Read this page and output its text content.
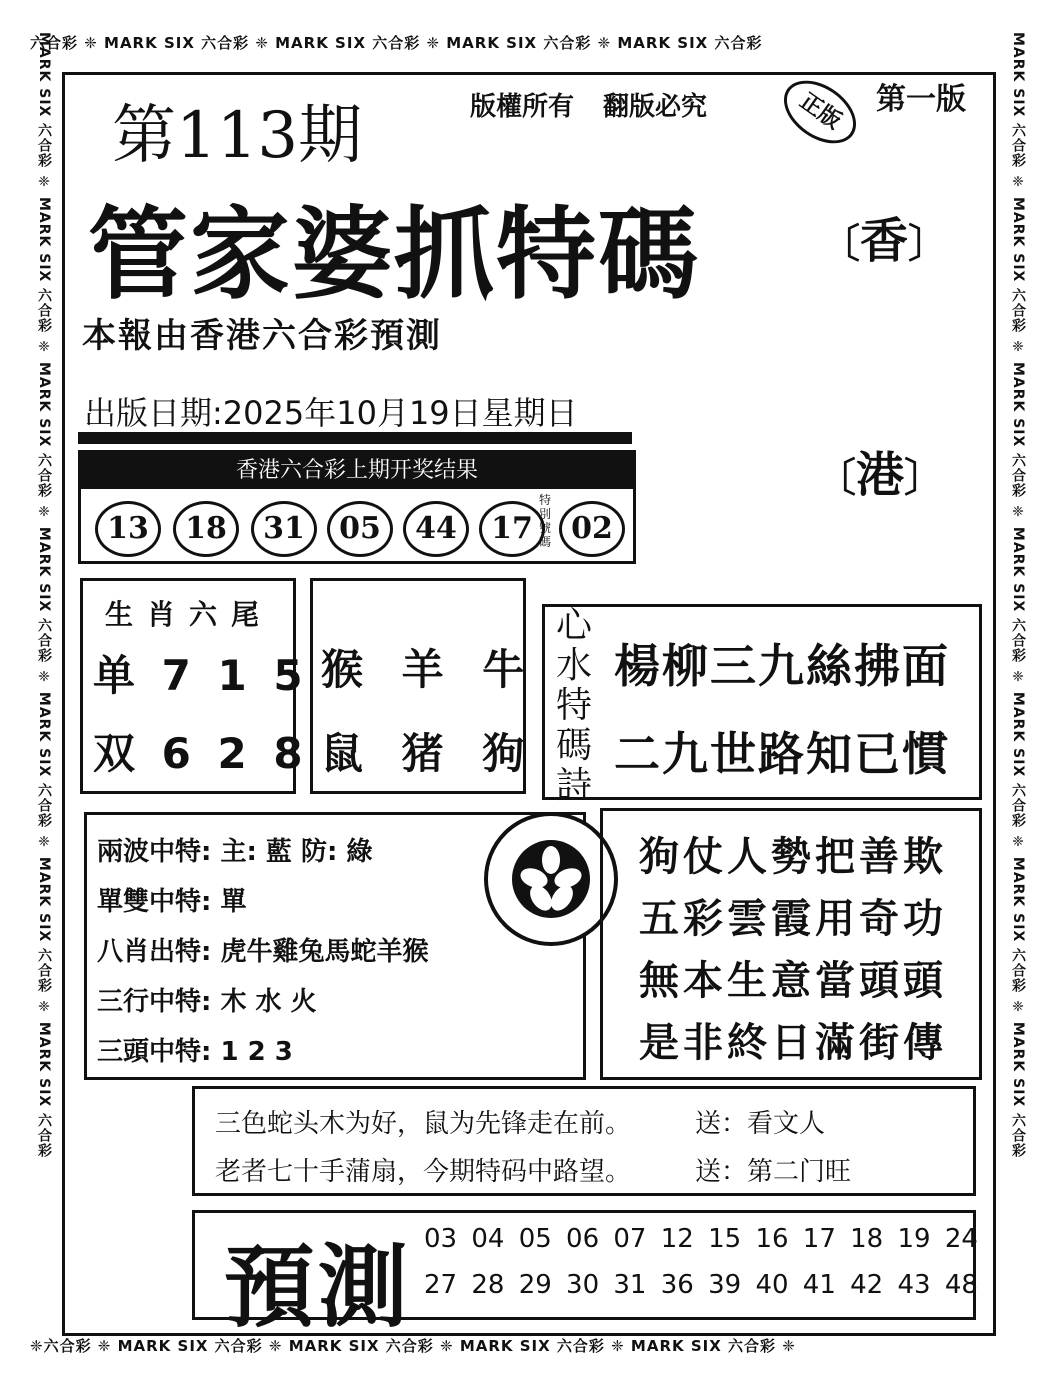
六合彩 ❈ MARK SIX 六合彩 ❈ MARK SIX 六合彩 ❈ MARK SIX 六合彩 ❈ MARK SIX 六合彩
❈六合彩 ❈ MARK SIX 六合彩 ❈ MARK SIX 六合彩 ❈ MARK SIX 六合彩 ❈ MARK SIX 六合彩 ❈
MARK SIX 六合彩 ❈ MARK SIX 六合彩 ❈ MARK SIX 六合彩 ❈ MARK SIX 六合彩 ❈ MARK SIX 六合彩 ❈ MARK SIX 六合彩 ❈ MARK SIX 六合彩	MARK SIX 六合彩 ❈ MARK SIX 六合彩 ❈ MARK SIX 六合彩 ❈ MARK SIX 六合彩 ❈ MARK SIX 六合彩 ❈ MARK SIX 六合彩 ❈ MARK SIX 六合彩
第113期	版權所有 翻版必究	正版	第一版
管家婆抓特碼
本報由香港六合彩預測
〔香〕
〔港〕
出版日期:2025年10月19日星期日
香港六合彩上期开奖结果
13	18	31	05	44	17
特別號碼 02
生肖六尾
单 7 1 5
双 6 2 8
猴 羊 牛
鼠 猪 狗
心水特碼詩
楊柳三九絲拂面
二九世路知已慣
兩波中特: 主: 藍 防: 綠
單雙中特: 單
八肖出特: 虎牛雞兔馬蛇羊猴
三行中特: 木 水 火
三頭中特: 1 2 3
狗仗人勢把善欺
五彩雲霞用奇功
無本生意當頭頭
是非終日滿街傳
三色蛇头木为好，鼠为先锋走在前。 送：看文人
老者七十手蒲扇，今期特码中路望。 送：第二门旺
預測 03 04 05 06 07 12 15 16 17 18 19 24
27 28 29 30 31 36 39 40 41 42 43 48
